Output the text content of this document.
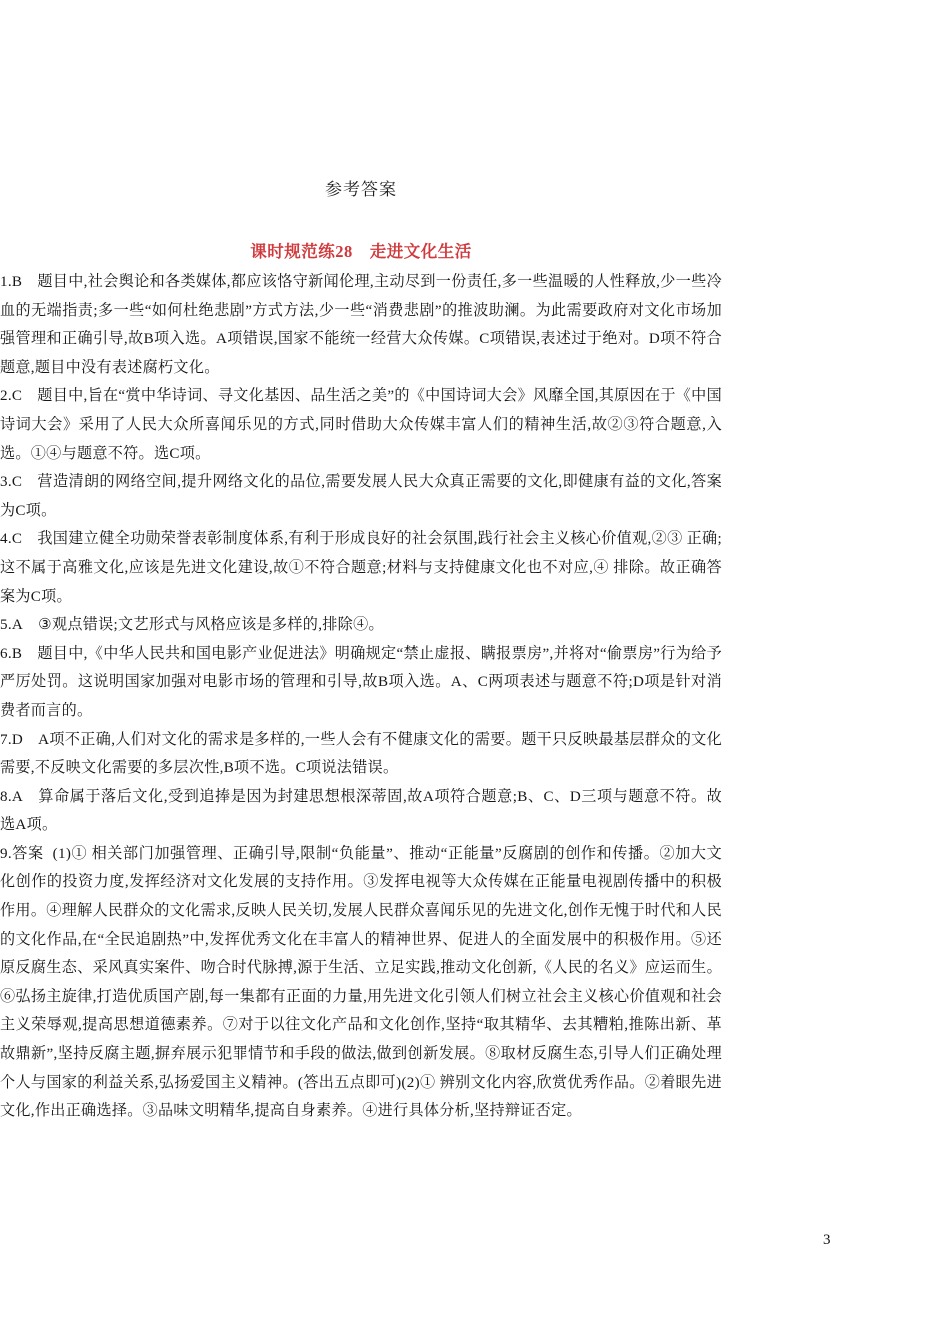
参考答案
课时规范练28 走进文化生活

1.B 题目中,社会舆论和各类媒体,都应该恪守新闻伦理,主动尽到一份责任,多一些温暖的人性释放,少一些冷血的无端指责;多一些“如何杜绝悲剧”方式方法,少一些“消费悲剧”的推波助澜。为此需要政府对文化市场加强管理和正确引导,故B项入选。A项错误,国家不能统一经营大众传媒。C项错误,表述过于绝对。D项不符合题意,题目中没有表述腐朽文化。

2.C 题目中,旨在“赏中华诗词、寻文化基因、品生活之美”的《中国诗词大会》风靡全国,其原因在于《中国诗词大会》采用了人民大众所喜闻乐见的方式,同时借助大众传媒丰富人们的精神生活,故②③符合题意,入选。①④与题意不符。选C项。

3.C 营造清朗的网络空间,提升网络文化的品位,需要发展人民大众真正需要的文化,即健康有益的文化,答案为C项。

4.C 我国建立健全功勋荣誉表彰制度体系,有利于形成良好的社会氛围,践行社会主义核心价值观,②③ 正确;这不属于高雅文化,应该是先进文化建设,故①不符合题意;材料与支持健康文化也不对应,④ 排除。故正确答案为C项。

5.A ③观点错误;文艺形式与风格应该是多样的,排除④。

6.B 题目中,《中华人民共和国电影产业促进法》明确规定“禁止虚报、瞒报票房”,并将对“偷票房”行为给予严厉处罚。这说明国家加强对电影市场的管理和引导,故B项入选。A、C两项表述与题意不符;D项是针对消费者而言的。

7.D A项不正确,人们对文化的需求是多样的,一些人会有不健康文化的需要。题干只反映最基层群众的文化需要,不反映文化需要的多层次性,B项不选。C项说法错误。

8.A 算命属于落后文化,受到追捧是因为封建思想根深蒂固,故A项符合题意;B、C、D三项与题意不符。故选A项。

9.答案 (1)① 相关部门加强管理、正确引导,限制“负能量”、推动“正能量”反腐剧的创作和传播。②加大文化创作的投资力度,发挥经济对文化发展的支持作用。③发挥电视等大众传媒在正能量电视剧传播中的积极作用。④理解人民群众的文化需求,反映人民关切,发展人民群众喜闻乐见的先进文化,创作无愧于时代和人民的文化作品,在“全民追剧热”中,发挥优秀文化在丰富人的精神世界、促进人的全面发展中的积极作用。⑤还原反腐生态、采风真实案件、吻合时代脉搏,源于生活、立足实践,推动文化创新,《人民的名义》应运而生。⑥弘扬主旋律,打造优质国产剧,每一集都有正面的力量,用先进文化引领人们树立社会主义核心价值观和社会主义荣辱观,提高思想道德素养。⑦对于以往文化产品和文化创作,坚持“取其精华、去其糟粕,推陈出新、革故鼎新”,坚持反腐主题,摒弃展示犯罪情节和手段的做法,做到创新发展。⑧取材反腐生态,引导人们正确处理个人与国家的利益关系,弘扬爱国主义精神。(答出五点即可)(2)① 辨别文化内容,欣赏优秀作品。②着眼先进文化,作出正确选择。③品味文明精华,提高自身素养。④进行具体分析,坚持辩证否定。

3
